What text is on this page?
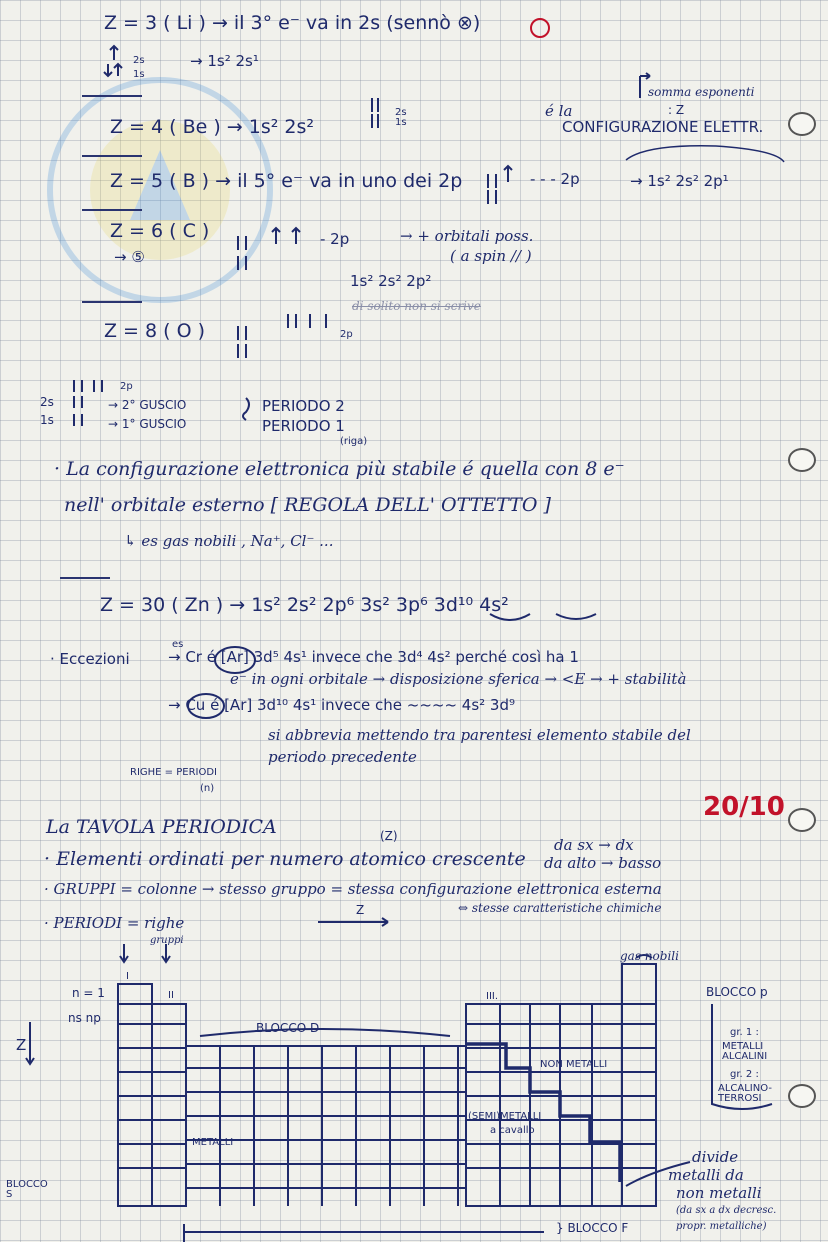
Z = 3 ( Li ) → il 3° e⁻ va in 2s (sennò ⊗)
2s
1s
→ 1s² 2s¹
somma esponenti
: Z
é la
CONFIGURAZIONE ELETTR.
Z = 4 ( Be ) → 1s² 2s²
2s
1s
Z = 5 ( B ) → il 5° e⁻ va in uno dei 2p	- - - 2p	→ 1s² 2s² 2p¹
Z = 6 ( C )
→ ⑤
- 2p	→ + orbitali poss.
( a spin // )
1s² 2s² 2p²
di solito non si scrive
Z = 8 ( O )	2p
2p
2s
1s
→ 2° GUSCIO
→ 1° GUSCIO
PERIODO 2
PERIODO 1
(riga)
· La configurazione elettronica più stabile é quella con 8 e⁻
nell' orbitale esterno [ REGOLA DELL' OTTETTO ]
↳ es gas nobili , Na⁺, Cl⁻ ...
Z = 30 ( Zn ) → 1s² 2s² 2p⁶ 3s² 3p⁶ 3d¹⁰ 4s²
· Eccezioni
es
→ Cr é [Ar] 3d⁵ 4s¹ invece che 3d⁴ 4s² perché così ha 1
e⁻ in ogni orbitale → disposizione sferica → <E → + stabilità
→ Cu é [Ar] 3d¹⁰ 4s¹ invece che ~~~~ 4s² 3d⁹
si abbrevia mettendo tra parentesi elemento stabile del
periodo precedente
RIGHE = PERIODI
(n)
20/10
La TAVOLA PERIODICA	(Z)
· Elementi ordinati per numero atomico crescente
da sx → dx
da alto → basso
· GRUPPI = colonne → stesso gruppo = stessa configurazione elettronica esterna
⇔ stesse caratteristiche chimiche
· PERIODI = righe
Z
gruppi
I
II	III.
n = 1
ns np
Z
BLOCCO D
BLOCCO p
BLOCCO S
} BLOCCO F
gas nobili
METALLI
NON METALLI
(SEMI)METALLI
a cavallo
gr. 1 :
METALLI ALCALINI
gr. 2 :
ALCALINO-TERROSI
divide
metalli da
non metalli
(da sx a dx decresc.
propr. metalliche)
